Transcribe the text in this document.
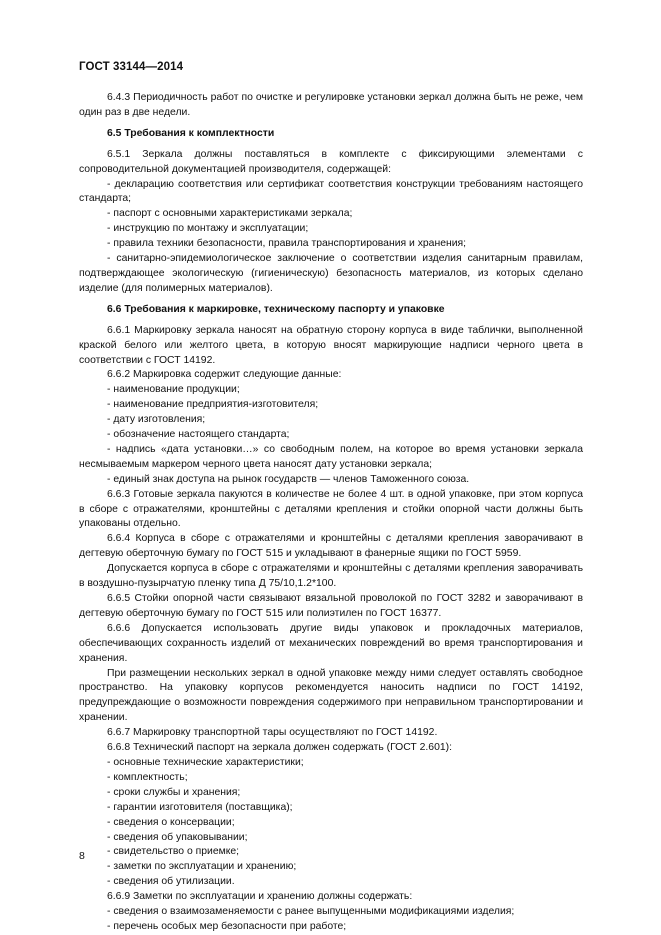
ГОСТ 33144—2014

6.4.3 Периодичность работ по очистке и регулировке установки зеркал должна быть не реже, чем один раз в две недели.

6.5 Требования к комплектности

6.5.1 Зеркала должны поставляться в комплекте с фиксирующими элементами с сопроводительной документацией производителя, содержащей:

- декларацию соответствия или сертификат соответствия конструкции требованиям настоящего стандарта;

- паспорт с основными характеристиками зеркала;

- инструкцию по монтажу и эксплуатации;

- правила техники безопасности, правила транспортирования и хранения;

- санитарно-эпидемиологическое заключение о соответствии изделия санитарным правилам, подтверждающее экологическую (гигиеническую) безопасность материалов, из которых сделано изделие (для полимерных материалов).

6.6 Требования к маркировке, техническому паспорту и упаковке

6.6.1 Маркировку зеркала наносят на обратную сторону корпуса в виде таблички, выполненной краской белого или желтого цвета, в которую вносят маркирующие надписи черного цвета в соответствии с ГОСТ 14192.

6.6.2 Маркировка содержит следующие данные:

- наименование продукции;

- наименование предприятия-изготовителя;

- дату изготовления;

- обозначение настоящего стандарта;

- надпись «дата установки…» со свободным полем, на которое во время установки зеркала несмываемым маркером черного цвета наносят дату установки зеркала;

- единый знак доступа на рынок государств — членов Таможенного союза.

6.6.3 Готовые зеркала пакуются в количестве не более 4 шт. в одной упаковке, при этом корпуса в сборе с отражателями, кронштейны с деталями крепления и стойки опорной части должны быть упакованы отдельно.

6.6.4 Корпуса в сборе с отражателями и кронштейны с деталями крепления заворачивают в дегтевую оберточную бумагу по ГОСТ 515 и укладывают в фанерные ящики по ГОСТ 5959.

Допускается корпуса в сборе с отражателями и кронштейны с деталями крепления заворачивать в воздушно-пузырчатую пленку типа Д 75/10,1.2*100.

6.6.5 Стойки опорной части связывают вязальной проволокой по ГОСТ 3282 и заворачивают в дегтевую оберточную бумагу по ГОСТ 515 или полиэтилен по ГОСТ 16377.

6.6.6 Допускается использовать другие виды упаковок и прокладочных материалов, обеспечивающих сохранность изделий от механических повреждений во время транспортирования и хранения.

При размещении нескольких зеркал в одной упаковке между ними следует оставлять свободное пространство. На упаковку корпусов рекомендуется наносить надписи по ГОСТ 14192, предупреждающие о возможности повреждения содержимого при неправильном транспортировании и хранении.

6.6.7 Маркировку транспортной тары осуществляют по ГОСТ 14192.

6.6.8 Технический паспорт на зеркала должен содержать (ГОСТ 2.601):

- основные технические характеристики;

- комплектность;

- сроки службы и хранения;

- гарантии изготовителя (поставщика);

- сведения о консервации;

- сведения об упаковывании;

- свидетельство о приемке;

- заметки по эксплуатации и хранению;

- сведения об утилизации.

6.6.9 Заметки по эксплуатации и хранению должны содержать:

- сведения о взаимозаменяемости с ранее выпущенными модификациями изделия;

- перечень особых мер безопасности при работе;

8
